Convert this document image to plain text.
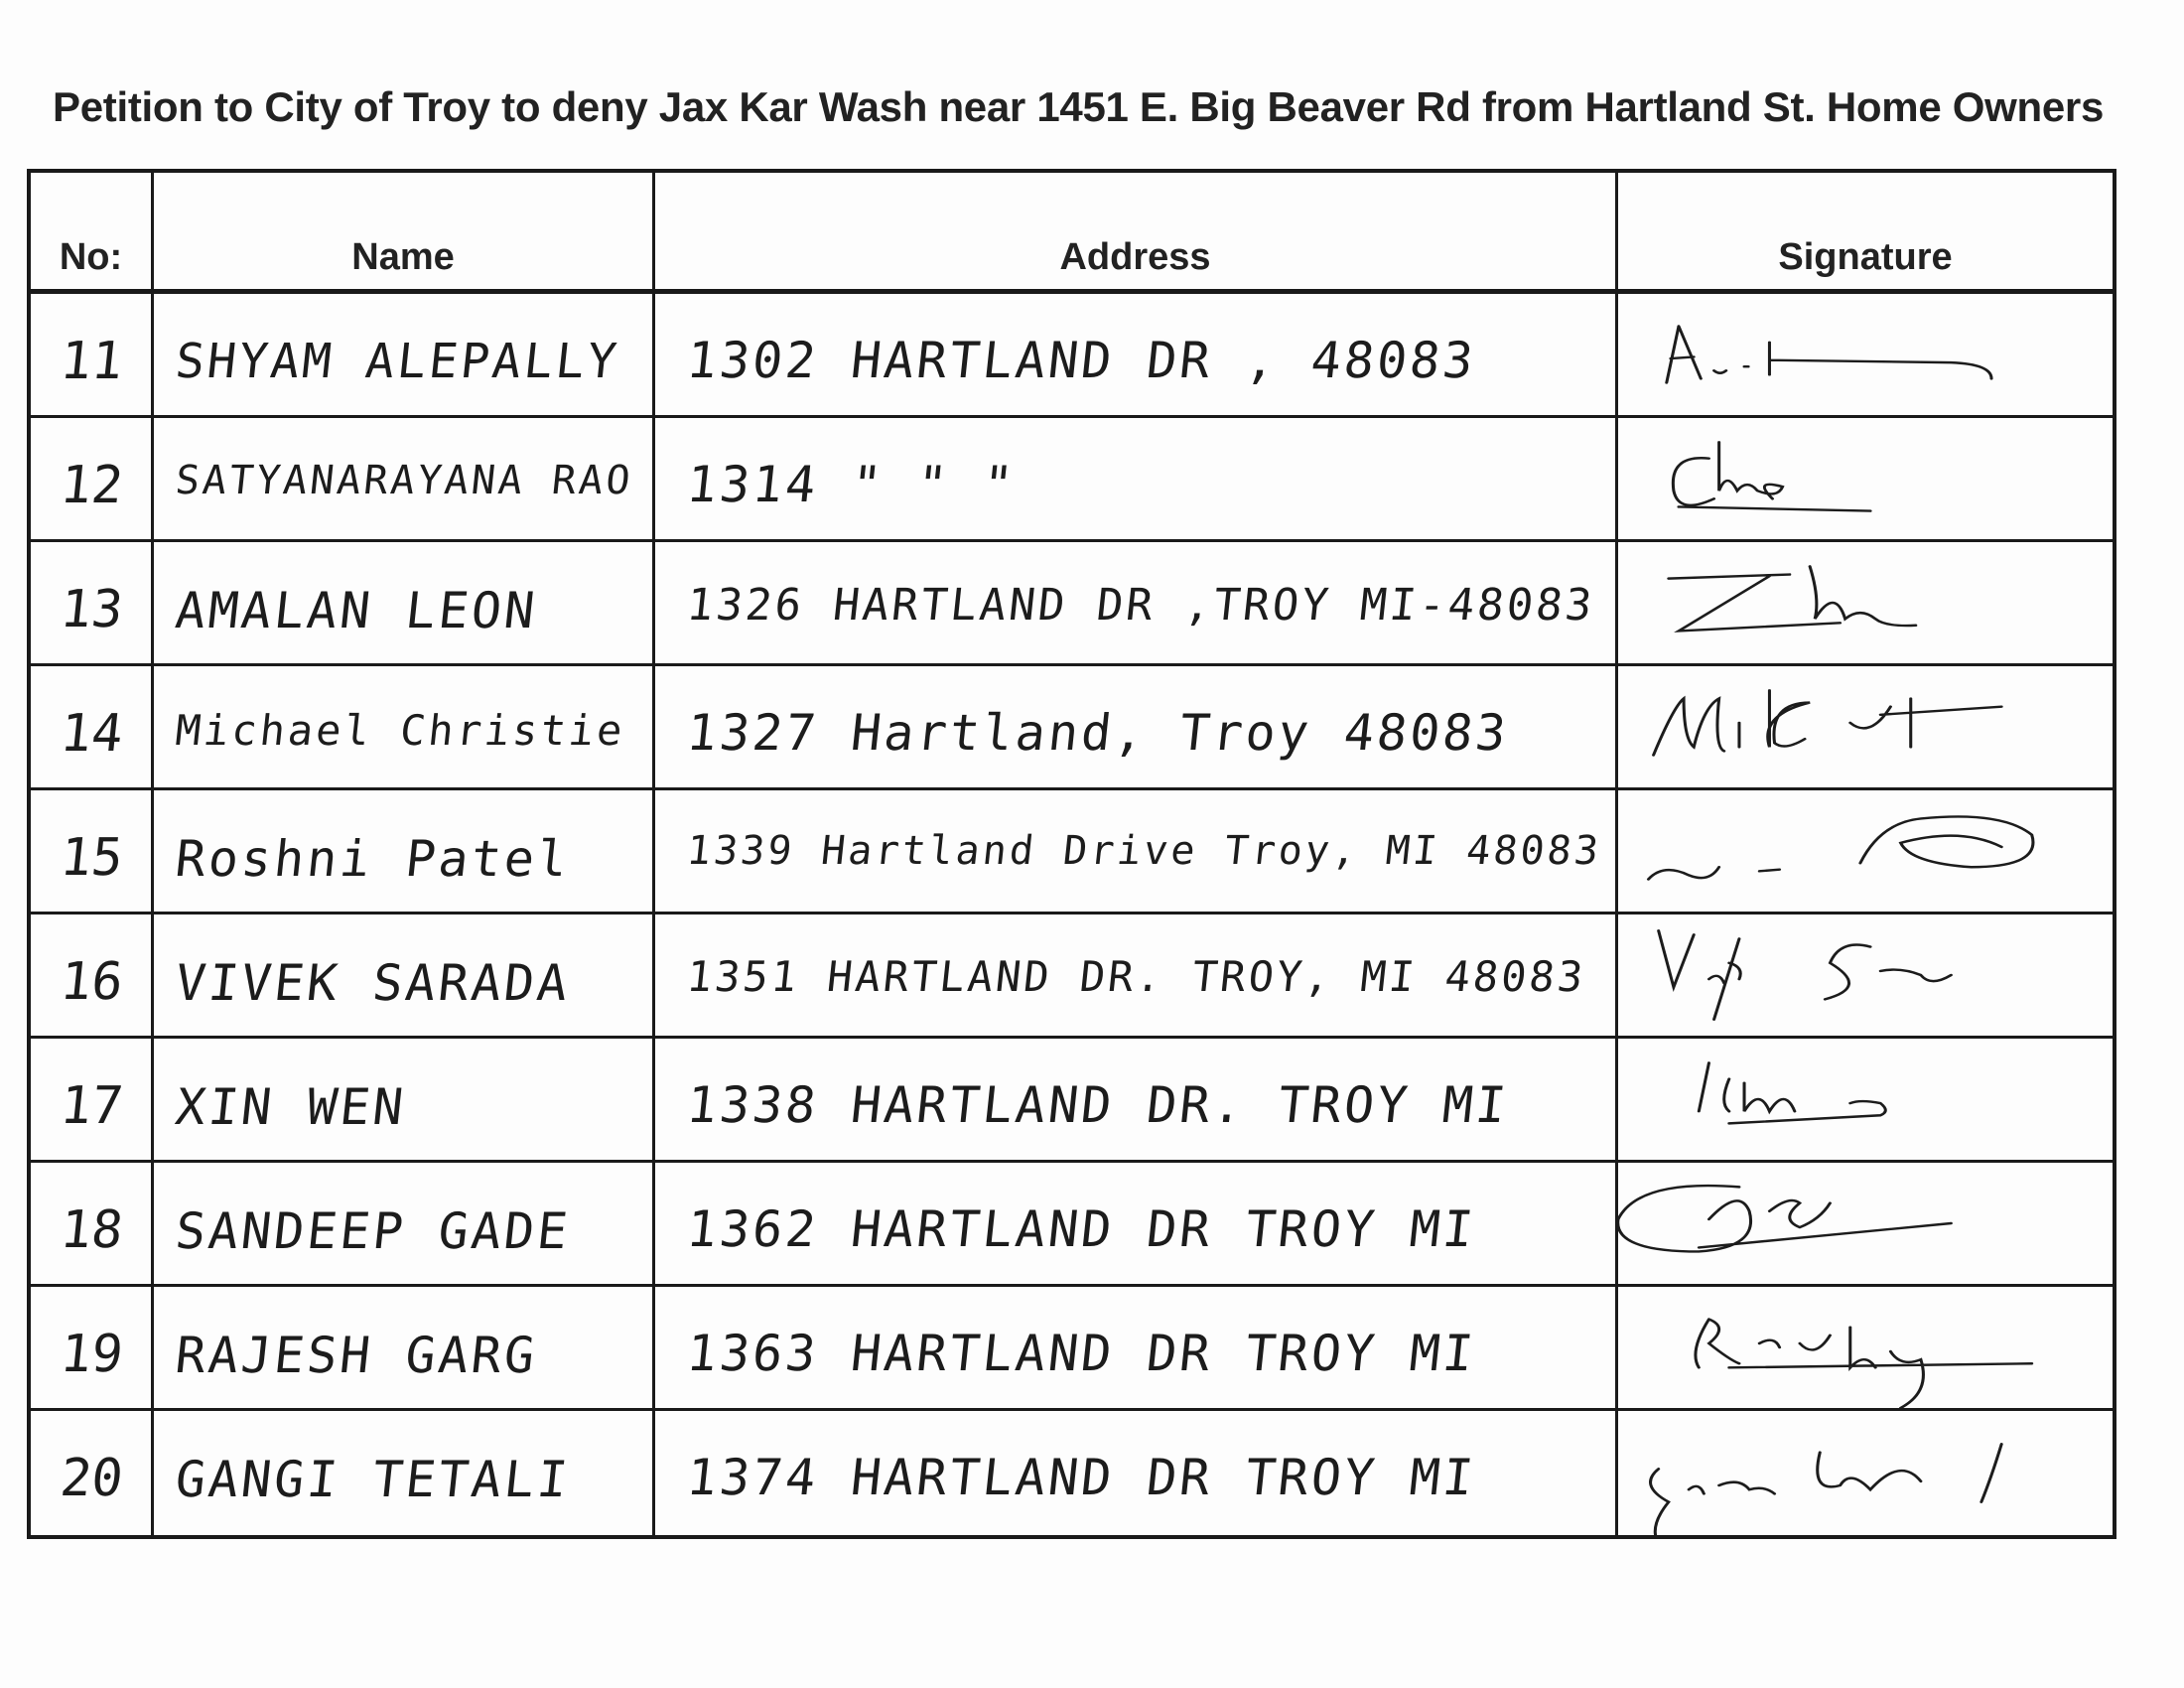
Petition to City of Troy to deny Jax Kar Wash near 1451 E. Big Beaver Rd from Hartland St. Home Owners
No:	Name	Address	Signature
11 SHYAM ALEPALLY 1302 HARTLAND DR , 48083
12 SATYANARAYANA RAO 1314 " " "
13 AMALAN LEON	1326 HARTLAND DR ,TROY MI-48083
14 Michael Christie 1327 Hartland, Troy 48083
15 Roshni Patel	1339 Hartland Drive Troy, MI 48083
16 VIVEK SARADA	1351 HARTLAND DR. TROY, MI 48083
17 XIN WEN	1338 HARTLAND DR. TROY MI
18 SANDEEP GADE 1362 HARTLAND DR TROY MI
19 RAJESH GARG	1363 HARTLAND DR TROY MI
20 GANGI TETALI 1374 HARTLAND DR TROY MI
